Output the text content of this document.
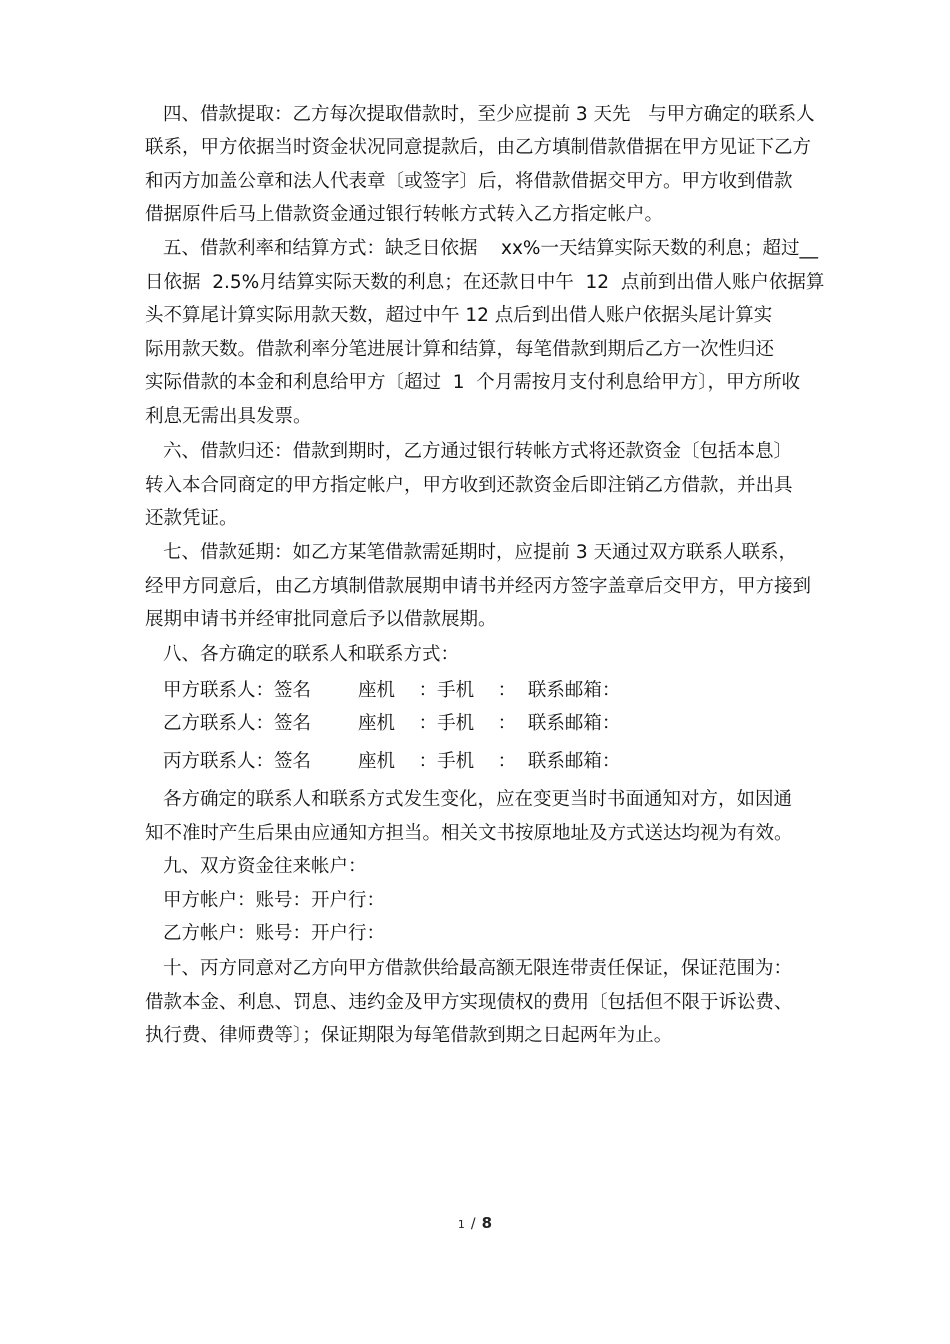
四、借款提取：乙方每次提取借款时，至少应提前 3 天先   与甲方确定的联系人
联系，甲方依据当时资金状况同意提款后，由乙方填制借款借据在甲方见证下乙方
和丙方加盖公章和法人代表章〔或签字〕后，将借款借据交甲方。甲方收到借款
借据原件后马上借款资金通过银行转帐方式转入乙方指定帐户。
五、借款利率和结算方式：缺乏日依据    xx%一天结算实际天数的利息；超过__
日依据  2.5%月结算实际天数的利息；在还款日中午  12  点前到出借人账户依据算
头不算尾计算实际用款天数，超过中午 12 点后到出借人账户依据头尾计算实
际用款天数。借款利率分笔进展计算和结算，每笔借款到期后乙方一次性归还
实际借款的本金和利息给甲方〔超过  1  个月需按月支付利息给甲方〕，甲方所收
利息无需出具发票。
六、借款归还：借款到期时，乙方通过银行转帐方式将还款资金〔包括本息〕
转入本合同商定的甲方指定帐户，甲方收到还款资金后即注销乙方借款，并出具
还款凭证。
七、借款延期：如乙方某笔借款需延期时，应提前 3 天通过双方联系人联系，
经甲方同意后，由乙方填制借款展期申请书并经丙方签字盖章后交甲方，甲方接到
展期申请书并经审批同意后予以借款展期。
八、各方确定的联系人和联系方式：
甲方联系人：签名        座机    ：手机    ：  联系邮箱：
乙方联系人：签名        座机    ：手机    ：  联系邮箱：
丙方联系人：签名        座机    ：手机    ：  联系邮箱：
各方确定的联系人和联系方式发生变化，应在变更当时书面通知对方，如因通
知不准时产生后果由应通知方担当。相关文书按原地址及方式送达均视为有效。
九、双方资金往来帐户：
甲方帐户：账号：开户行：
乙方帐户：账号：开户行：
十、丙方同意对乙方向甲方借款供给最高额无限连带责任保证，保证范围为：
借款本金、利息、罚息、违约金及甲方实现债权的费用〔包括但不限于诉讼费、
执行费、律师费等〕；保证期限为每笔借款到期之日起两年为止。
1 / 8
